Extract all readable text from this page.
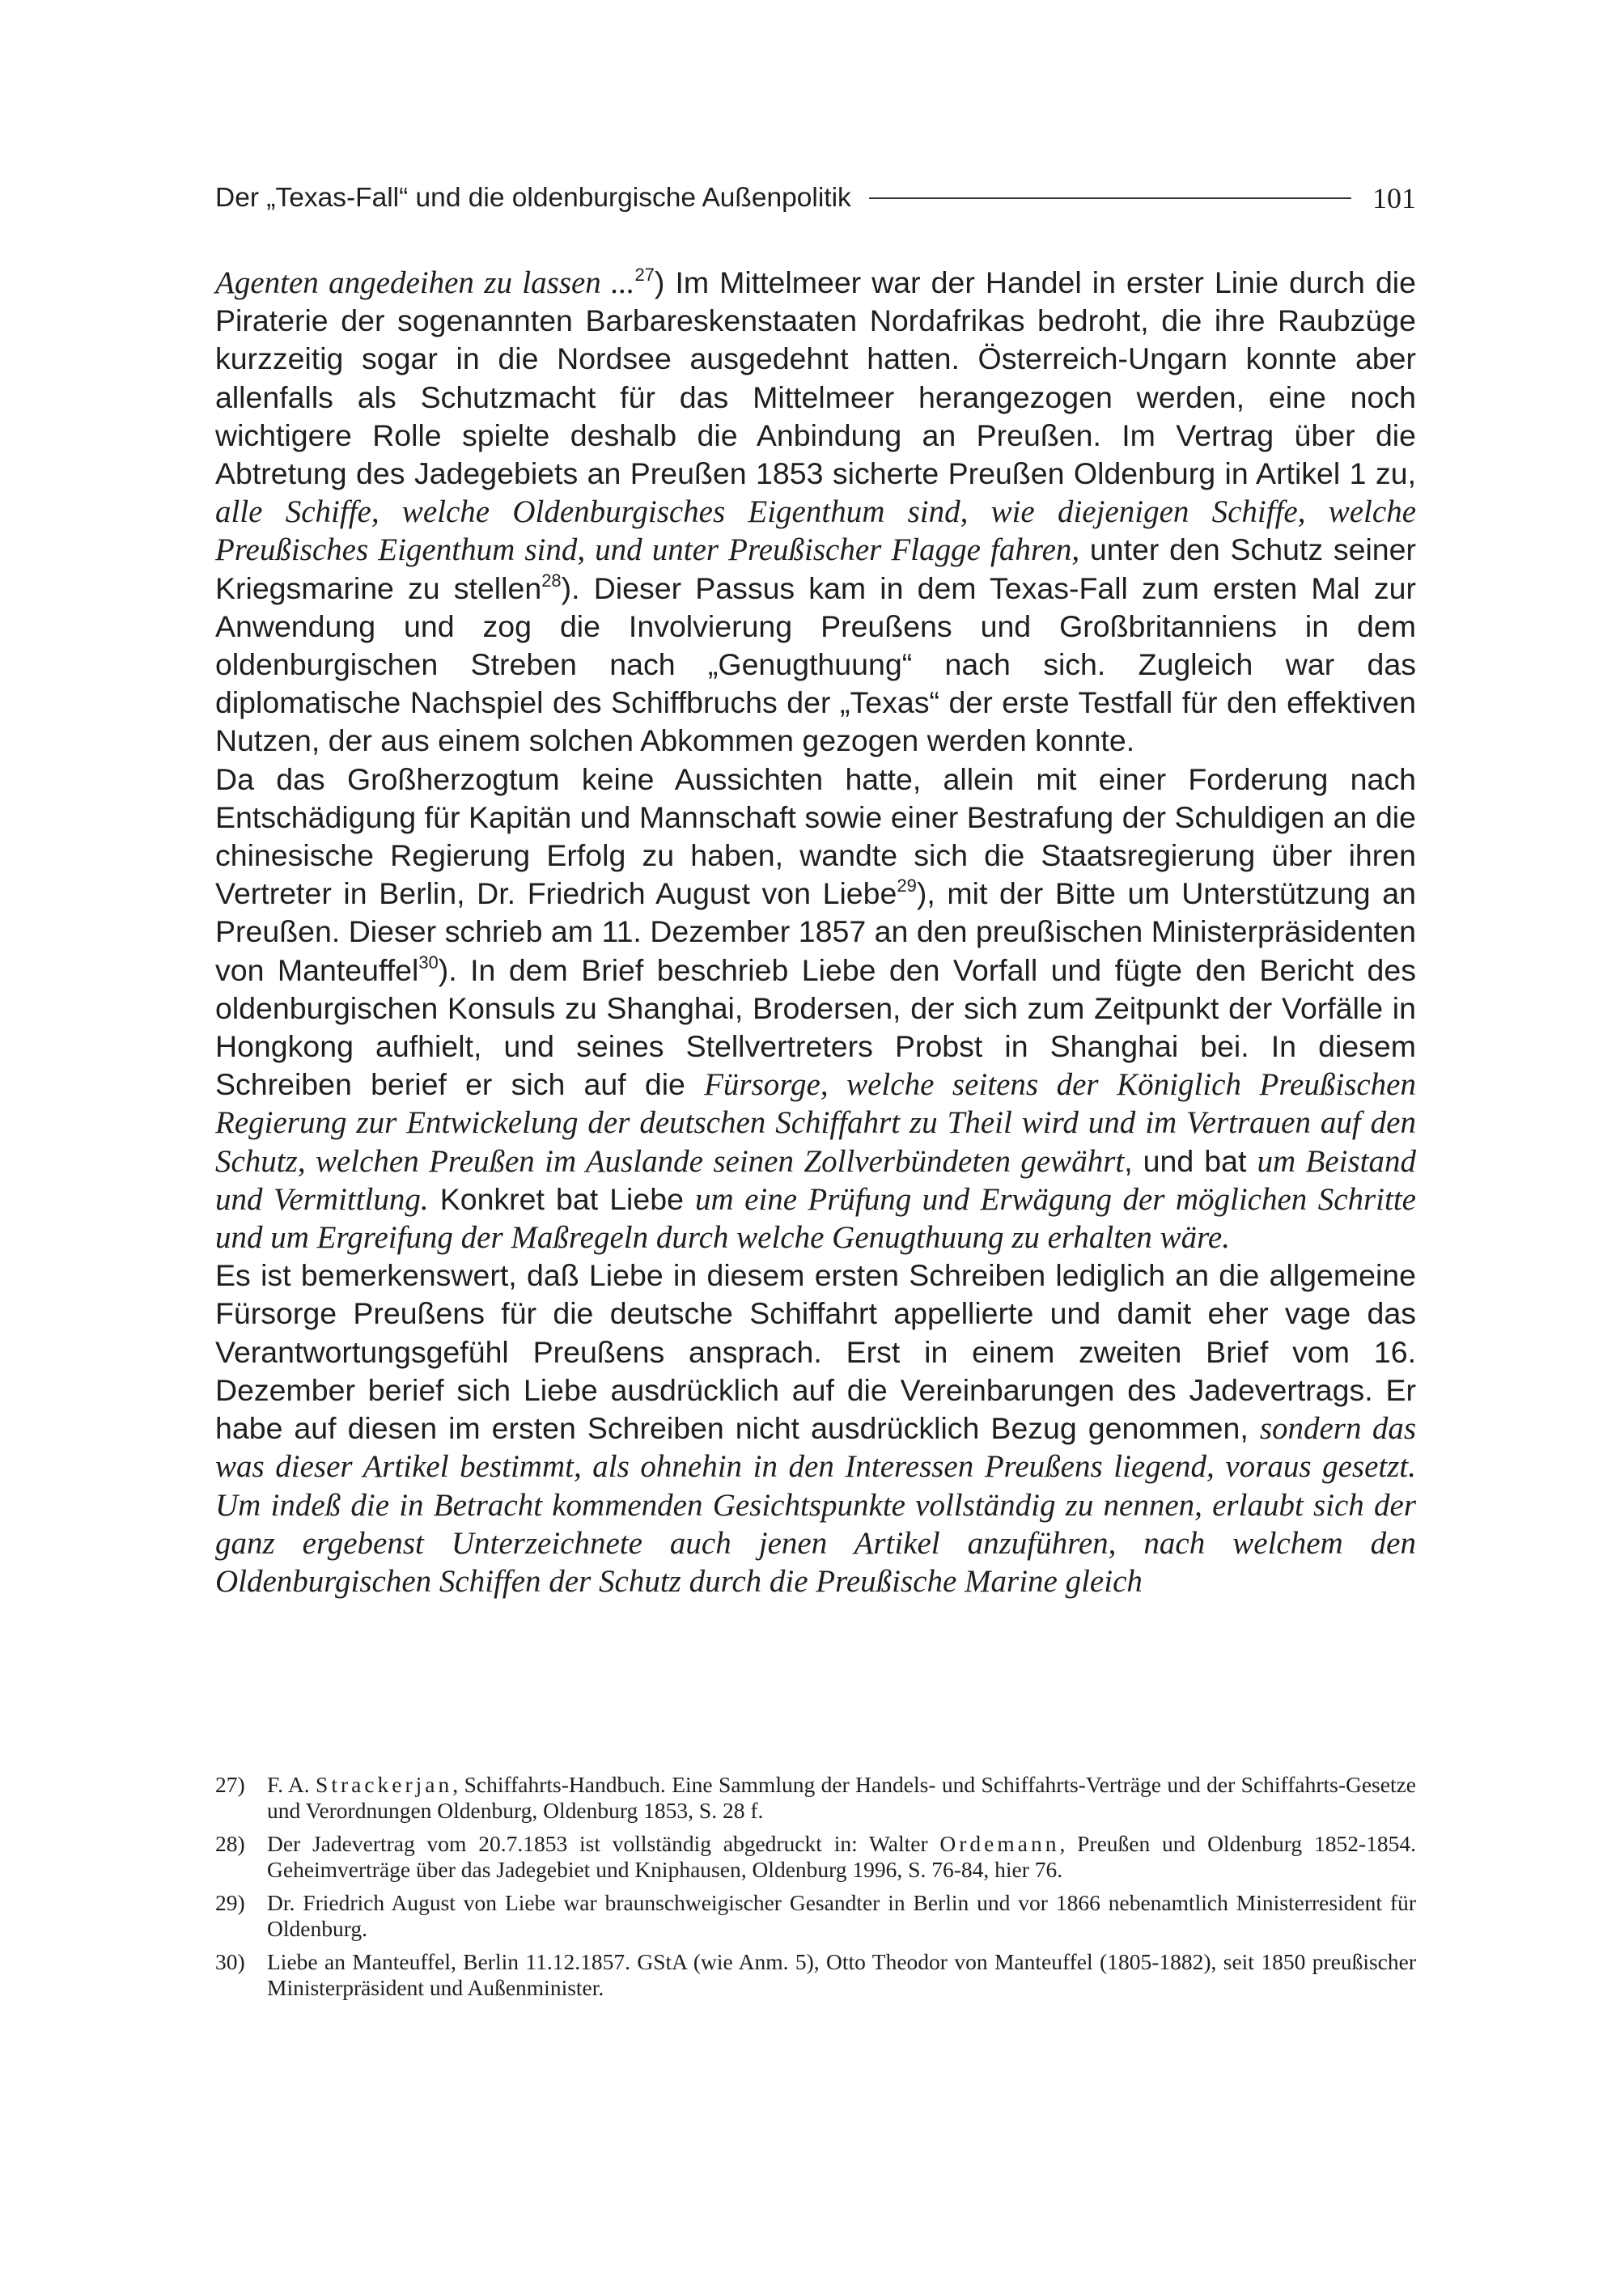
Der „Texas-Fall“ und die oldenburgische Außenpolitik	101

Agenten angedeihen zu lassen ...$^{27}$) Im Mittelmeer war der Handel in erster Linie durch die Piraterie der sogenannten Barbareskenstaaten Nordafrikas bedroht, die ihre Raubzüge kurzzeitig sogar in die Nordsee ausgedehnt hatten. Österreich-Ungarn konnte aber allenfalls als Schutzmacht für das Mittelmeer herangezogen werden, eine noch wichtigere Rolle spielte deshalb die Anbindung an Preußen. Im Vertrag über die Abtretung des Jadegebiets an Preußen 1853 sicherte Preußen Oldenburg in Artikel 1 zu, alle Schiffe, welche Oldenburgisches Eigenthum sind, wie diejenigen Schiffe, welche Preußisches Eigenthum sind, und unter Preußischer Flagge fahren, unter den Schutz seiner Kriegsmarine zu stellen$^{28}$). Dieser Passus kam in dem Texas-Fall zum ersten Mal zur Anwendung und zog die Involvierung Preußens und Großbritanniens in dem oldenburgischen Streben nach „Genugthuung“ nach sich. Zugleich war das diplomatische Nachspiel des Schiffbruchs der „Texas“ der erste Testfall für den effektiven Nutzen, der aus einem solchen Abkommen gezogen werden konnte.

Da das Großherzogtum keine Aussichten hatte, allein mit einer Forderung nach Entschädigung für Kapitän und Mannschaft sowie einer Bestrafung der Schuldigen an die chinesische Regierung Erfolg zu haben, wandte sich die Staatsregierung über ihren Vertreter in Berlin, Dr. Friedrich August von Liebe$^{29}$), mit der Bitte um Unterstützung an Preußen. Dieser schrieb am 11. Dezember 1857 an den preußischen Ministerpräsidenten von Manteuffel$^{30}$). In dem Brief beschrieb Liebe den Vorfall und fügte den Bericht des oldenburgischen Konsuls zu Shanghai, Brodersen, der sich zum Zeitpunkt der Vorfälle in Hongkong aufhielt, und seines Stellvertreters Probst in Shanghai bei. In diesem Schreiben berief er sich auf die Fürsorge, welche seitens der Königlich Preußischen Regierung zur Entwickelung der deutschen Schiffahrt zu Theil wird und im Vertrauen auf den Schutz, welchen Preußen im Auslande seinen Zollverbündeten gewährt, und bat um Beistand und Vermittlung. Konkret bat Liebe um eine Prüfung und Erwägung der möglichen Schritte und um Ergreifung der Maßregeln durch welche Genugthuung zu erhalten wäre.

Es ist bemerkenswert, daß Liebe in diesem ersten Schreiben lediglich an die allgemeine Fürsorge Preußens für die deutsche Schiffahrt appellierte und damit eher vage das Verantwortungsgefühl Preußens ansprach. Erst in einem zweiten Brief vom 16. Dezember berief sich Liebe ausdrücklich auf die Vereinbarungen des Jadevertrags. Er habe auf diesen im ersten Schreiben nicht ausdrücklich Bezug genommen, sondern das was dieser Artikel bestimmt, als ohnehin in den Interessen Preußens liegend, voraus gesetzt. Um indeß die in Betracht kommenden Gesichtspunkte vollständig zu nennen, erlaubt sich der ganz ergebenst Unterzeichnete auch jenen Artikel anzuführen, nach welchem den Oldenburgischen Schiffen der Schutz durch die Preußische Marine gleich

27) F. A. Strackerjan, Schiffahrts-Handbuch. Eine Sammlung der Handels- und Schiffahrts-Verträge und der Schiffahrts-Gesetze und Verordnungen Oldenburg, Oldenburg 1853, S. 28 f.
28) Der Jadevertrag vom 20.7.1853 ist vollständig abgedruckt in: Walter Ordemann, Preußen und Oldenburg 1852-1854. Geheimverträge über das Jadegebiet und Kniphausen, Oldenburg 1996, S. 76-84, hier 76.
29) Dr. Friedrich August von Liebe war braunschweigischer Gesandter in Berlin und vor 1866 nebenamtlich Ministerresident für Oldenburg.
30) Liebe an Manteuffel, Berlin 11.12.1857. GStA (wie Anm. 5), Otto Theodor von Manteuffel (1805-1882), seit 1850 preußischer Ministerpräsident und Außenminister.
